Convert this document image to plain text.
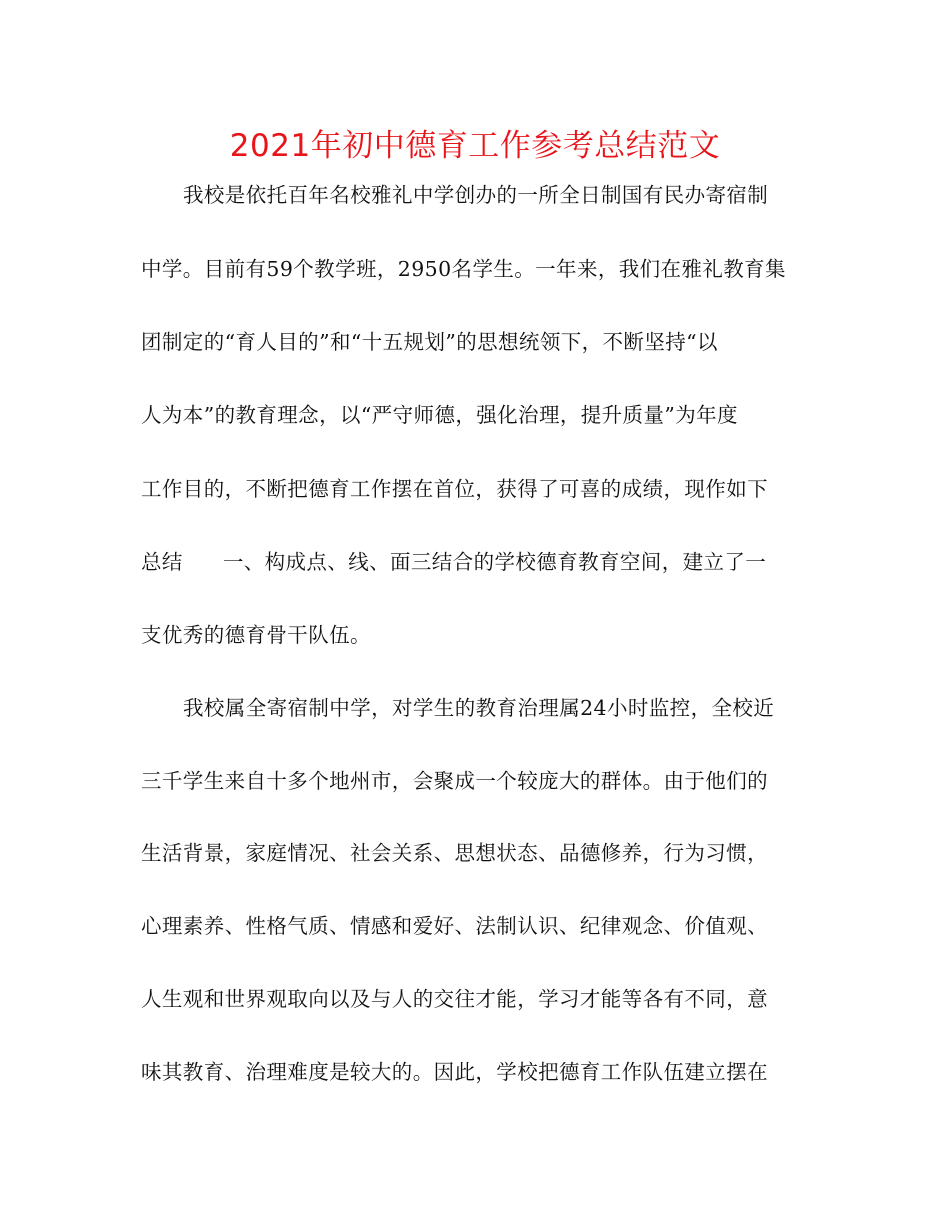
2021年初中德育工作参考总结范文
我校是依托百年名校雅礼中学创办的一所全日制国有民办寄宿制
中学。目前有59个教学班，2950名学生。一年来，我们在雅礼教育集
团制定的“育人目的”和“十五规划”的思想统领下，不断坚持“以
人为本”的教育理念，以“严守师德，强化治理，提升质量”为年度
工作目的，不断把德育工作摆在首位，获得了可喜的成绩，现作如下
总结 一、构成点、线、面三结合的学校德育教育空间，建立了一
支优秀的德育骨干队伍。
我校属全寄宿制中学，对学生的教育治理属24小时监控，全校近
三千学生来自十多个地州市，会聚成一个较庞大的群体。由于他们的
生活背景，家庭情况、社会关系、思想状态、品德修养，行为习惯，
心理素养、性格气质、情感和爱好、法制认识、纪律观念、价值观、
人生观和世界观取向以及与人的交往才能，学习才能等各有不同，意
味其教育、治理难度是较大的。因此，学校把德育工作队伍建立摆在
